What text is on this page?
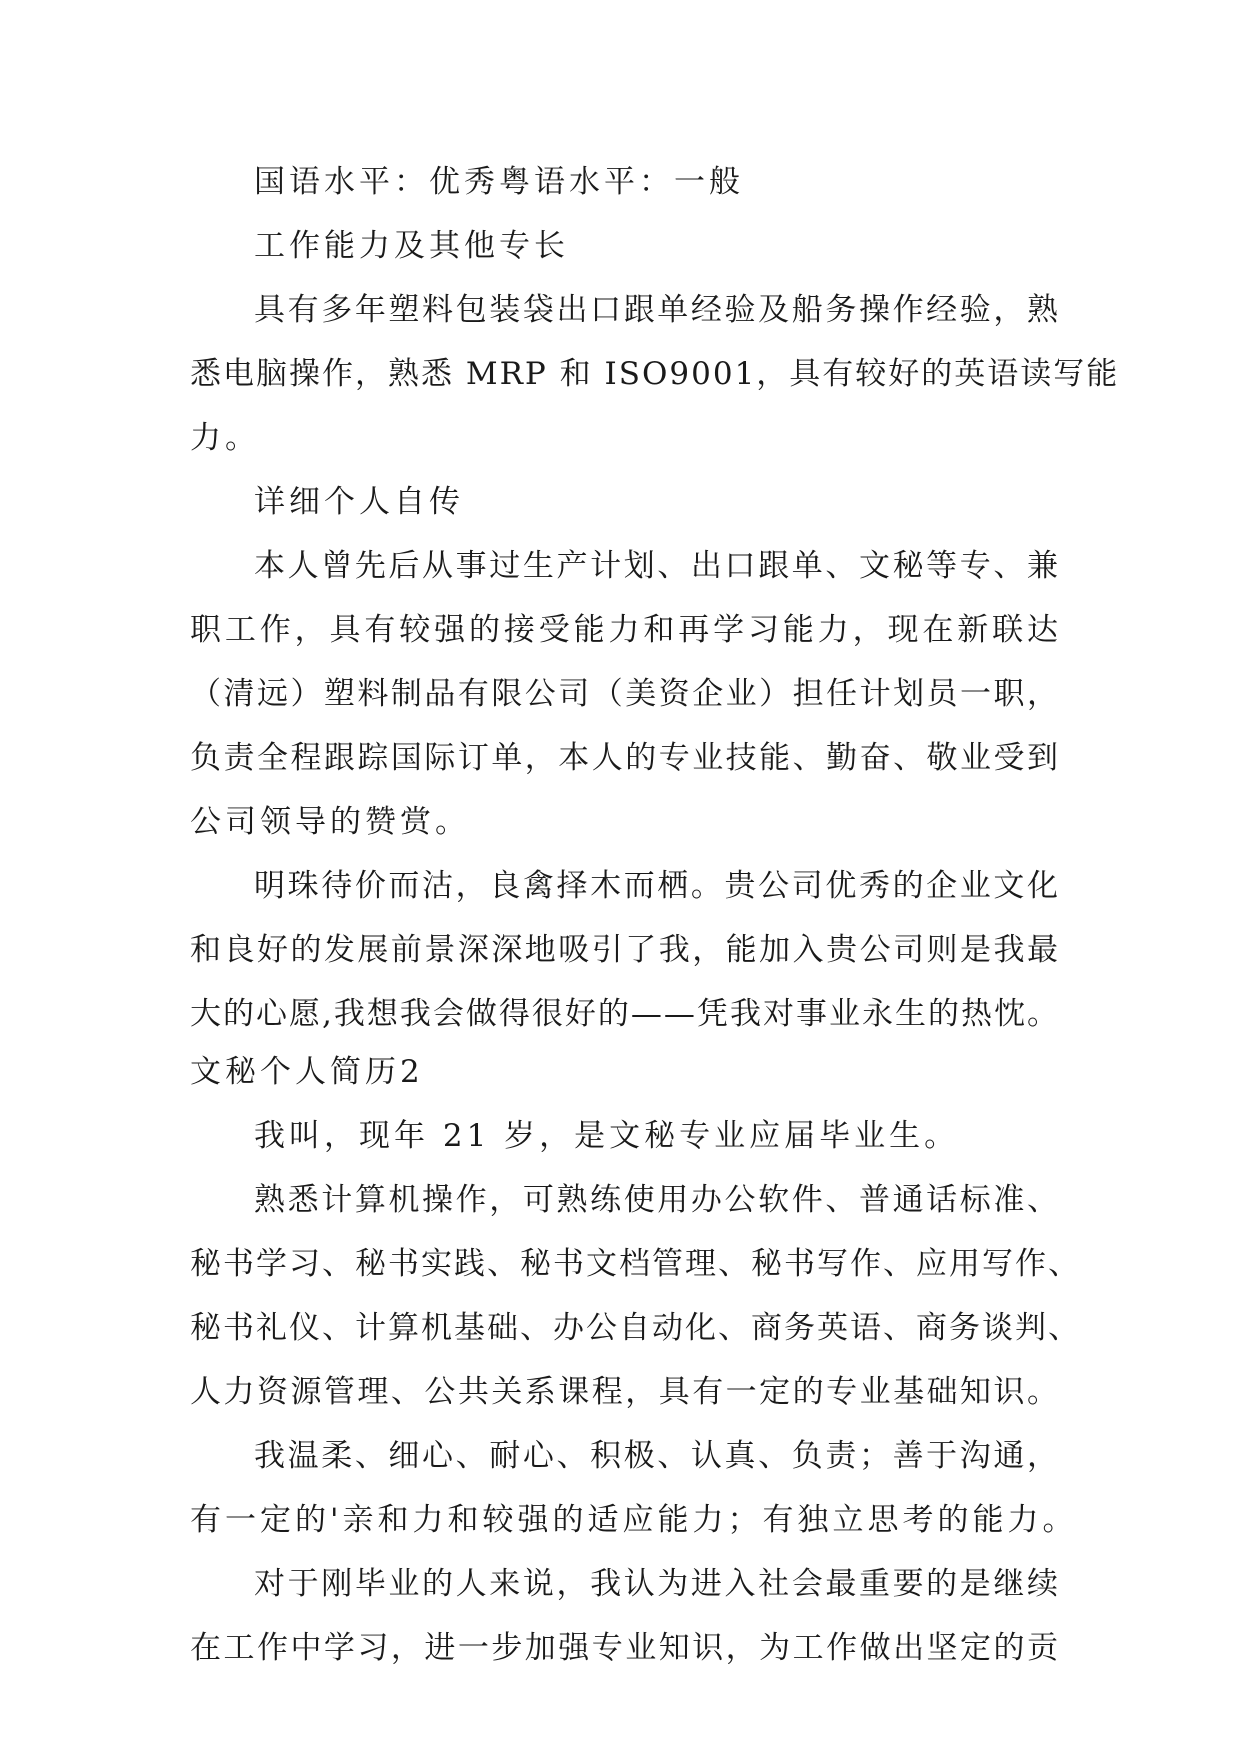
国语水平：优秀粤语水平：一般
工作能力及其他专长
具有多年塑料包装袋出口跟单经验及船务操作经验，熟
悉电脑操作，熟悉 MRP 和 ISO9001，具有较好的英语读写能
力。
详细个人自传
本人曾先后从事过生产计划、出口跟单、文秘等专、兼
职工作，具有较强的接受能力和再学习能力，现在新联达
（清远）塑料制品有限公司（美资企业）担任计划员一职，
负责全程跟踪国际订单，本人的专业技能、勤奋、敬业受到
公司领导的赞赏。
明珠待价而沽，良禽择木而栖。贵公司优秀的企业文化
和良好的发展前景深深地吸引了我，能加入贵公司则是我最
大的心愿,我想我会做得很好的——凭我对事业永生的热忱。
文秘个人简历2
我叫，现年 21 岁，是文秘专业应届毕业生。
熟悉计算机操作，可熟练使用办公软件、普通话标准、
秘书学习、秘书实践、秘书文档管理、秘书写作、应用写作、
秘书礼仪、计算机基础、办公自动化、商务英语、商务谈判、
人力资源管理、公共关系课程，具有一定的专业基础知识。
我温柔、细心、耐心、积极、认真、负责；善于沟通，
有一定的'亲和力和较强的适应能力；有独立思考的能力。
对于刚毕业的人来说，我认为进入社会最重要的是继续
在工作中学习，进一步加强专业知识，为工作做出坚定的贡
